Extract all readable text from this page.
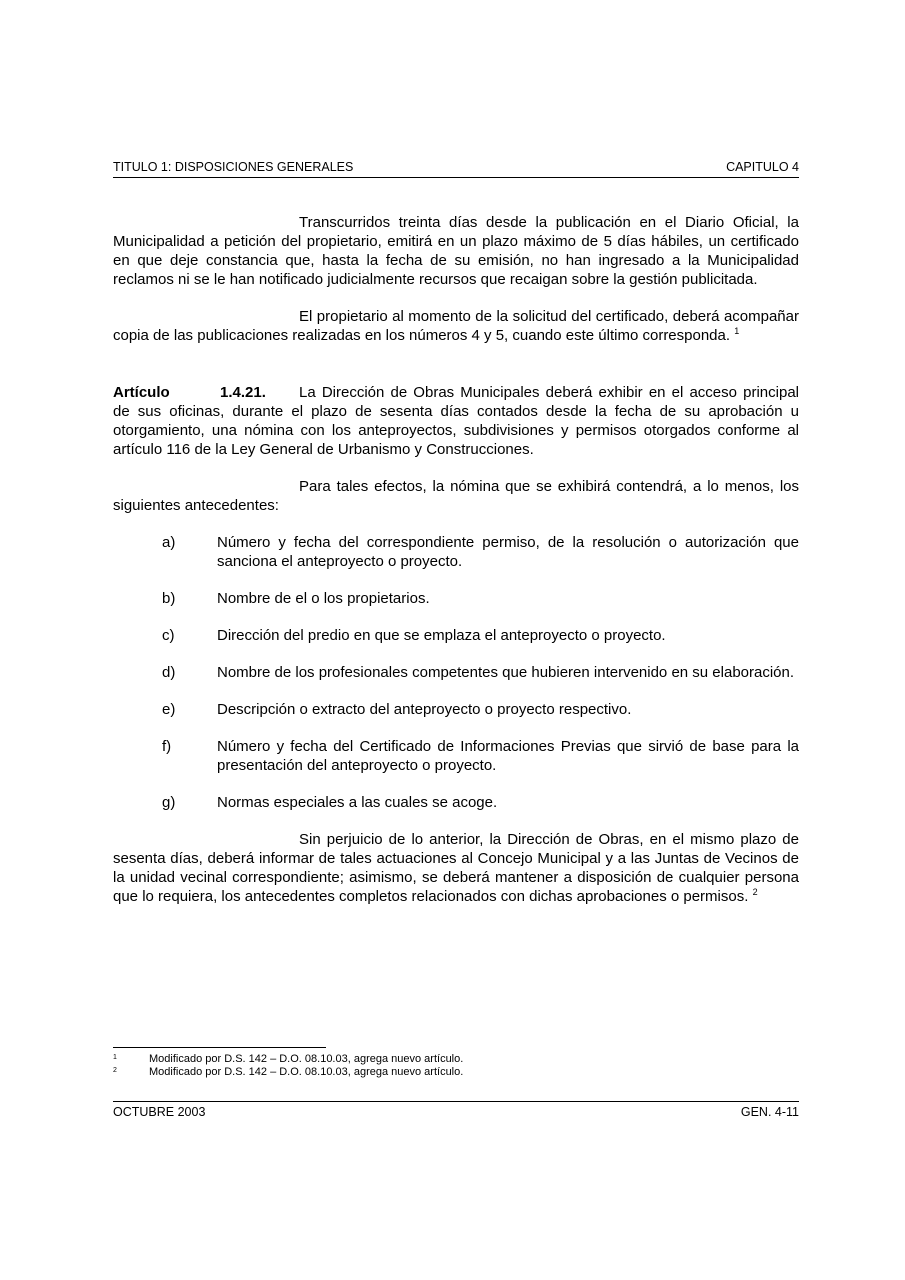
TITULO 1: DISPOSICIONES GENERALES	CAPITULO 4

Transcurridos treinta días desde la publicación en el Diario Oficial, la Municipalidad a petición del propietario, emitirá en un plazo máximo de 5 días hábiles, un certificado en que deje constancia que, hasta la fecha de su emisión, no han ingresado a la Municipalidad reclamos ni se le han notificado judicialmente recursos que recaigan sobre la gestión publicitada.

El propietario al momento de la solicitud del certificado, deberá acompañar copia de las publicaciones realizadas en los números 4 y 5, cuando este último corresponda. $^1$

Artículo	1.4.21. La Dirección de Obras Municipales deberá exhibir en el acceso principal de sus oficinas, durante el plazo de sesenta días contados desde la fecha de su aprobación u otorgamiento, una nómina con los anteproyectos, subdivisiones y permisos otorgados conforme al artículo 116 de la Ley General de Urbanismo y Construcciones.

Para tales efectos, la nómina que se exhibirá contendrá, a lo menos, los siguientes antecedentes:

a)	Número y fecha del correspondiente permiso, de la resolución o autorización que sanciona el anteproyecto o proyecto.
b)	Nombre de el o los propietarios.
c)	Dirección del predio en que se emplaza el anteproyecto o proyecto.
d)	Nombre de los profesionales competentes que hubieren intervenido en su elaboración.
e)	Descripción o extracto del anteproyecto o proyecto respectivo.
f)	Número y fecha del Certificado de Informaciones Previas que sirvió de base para la presentación del anteproyecto o proyecto.
g)	Normas especiales a las cuales se acoge.

Sin perjuicio de lo anterior, la Dirección de Obras, en el mismo plazo de sesenta días, deberá informar de tales actuaciones al Concejo Municipal y a las Juntas de Vecinos de la unidad vecinal correspondiente; asimismo, se deberá mantener a disposición de cualquier persona que lo requiera, los antecedentes completos relacionados con dichas aprobaciones o permisos. $^2$

1	Modificado por D.S. 142 – D.O. 08.10.03, agrega nuevo artículo.
2	Modificado por D.S. 142 – D.O. 08.10.03, agrega nuevo artículo.
OCTUBRE 2003	GEN. 4-11
